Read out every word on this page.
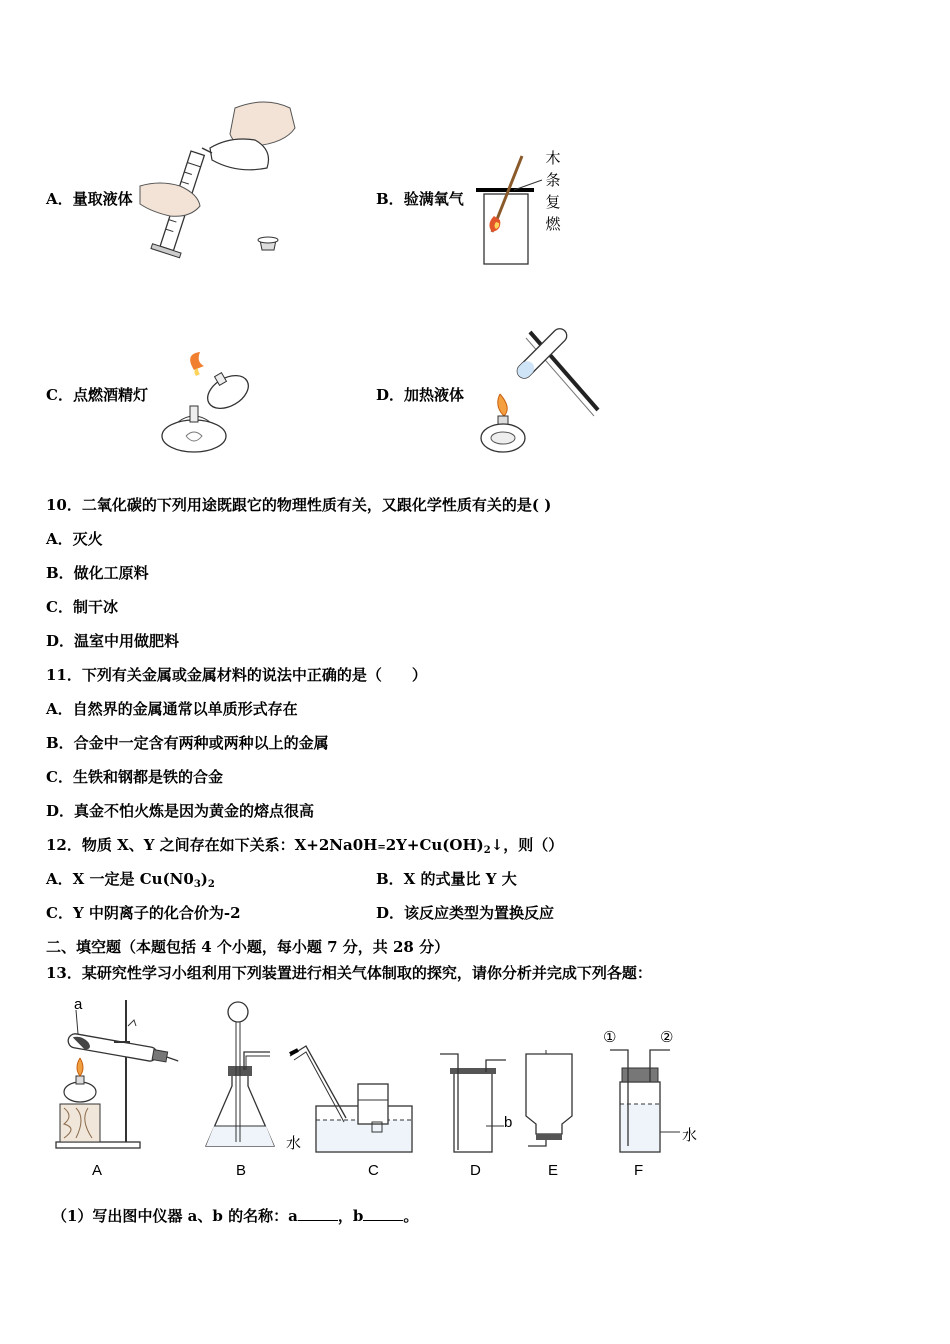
A．量取液体	B．验满氧气
木
条
复
燃
C．点燃酒精灯	D．加热液体
10．二氧化碳的下列用途既跟它的物理性质有关，又跟化学性质有关的是( )
A．灭火
B．做化工原料
C．制干冰
D．温室中用做肥料
11．下列有关金属或金属材料的说法中正确的是（　　）
A．自然界的金属通常以单质形式存在
B．合金中一定含有两种或两种以上的金属
C．生铁和钢都是铁的合金
D．真金不怕火炼是因为黄金的熔点很高
12．物质 X、Y 之间存在如下关系：$X+2Na0H=2Y+Cu(OH)_2↓$，则（）
A．X 一定是 $Cu(N0_3)_2$	B．X 的式量比 Y 大
C．Y 中阴离子的化合价为-2	D．该反应类型为置换反应
二、填空题（本题包括 4 个小题，每小题 7 分，共 28 分）
13．某研究性学习小组利用下列装置进行相关气体制取的探究，请你分析并完成下列各题：
a
b
水	水
①	②
A	B	C	D	E	F
（1）写出图中仪器 a、b 的名称：a	，b	。
